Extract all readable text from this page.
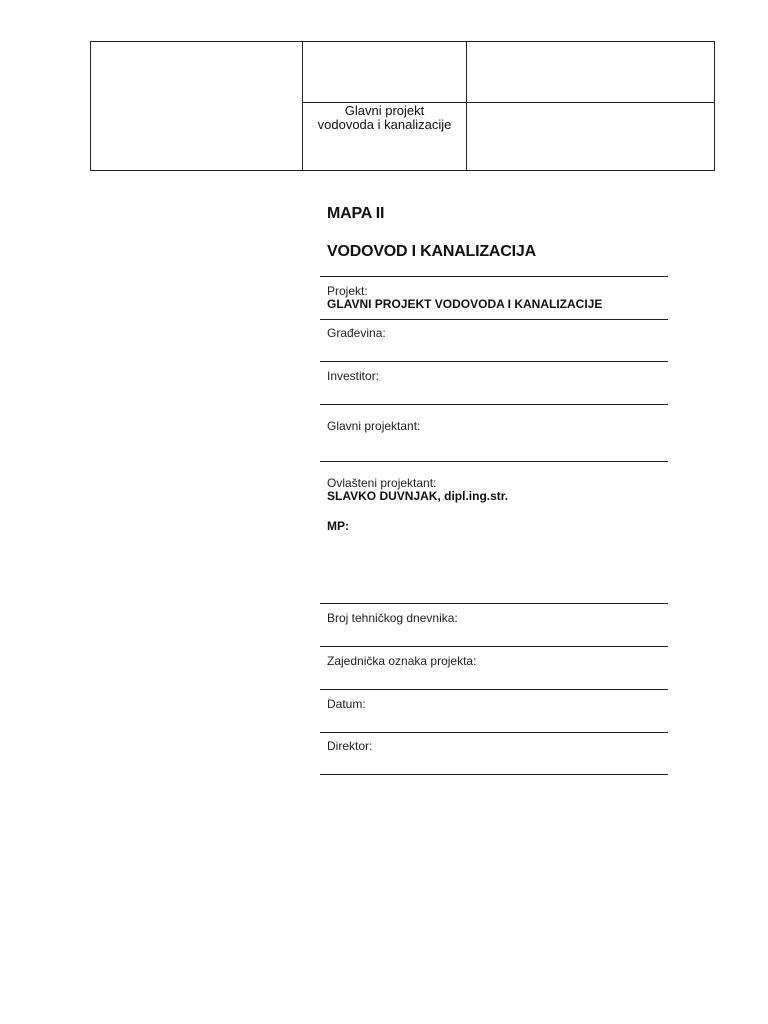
Glavni projekt
vodovoda i kanalizacije
MAPA II
VODOVOD I KANALIZACIJA
Projekt:
GLAVNI PROJEKT VODOVODA I KANALIZACIJE
Građevina:
Investitor:
Glavni projektant:
Ovlašteni projektant:
SLAVKO DUVNJAK, dipl.ing.str.
MP:
Broj tehničkog dnevnika:
Zajednička oznaka projekta:
Datum:
Direktor:
